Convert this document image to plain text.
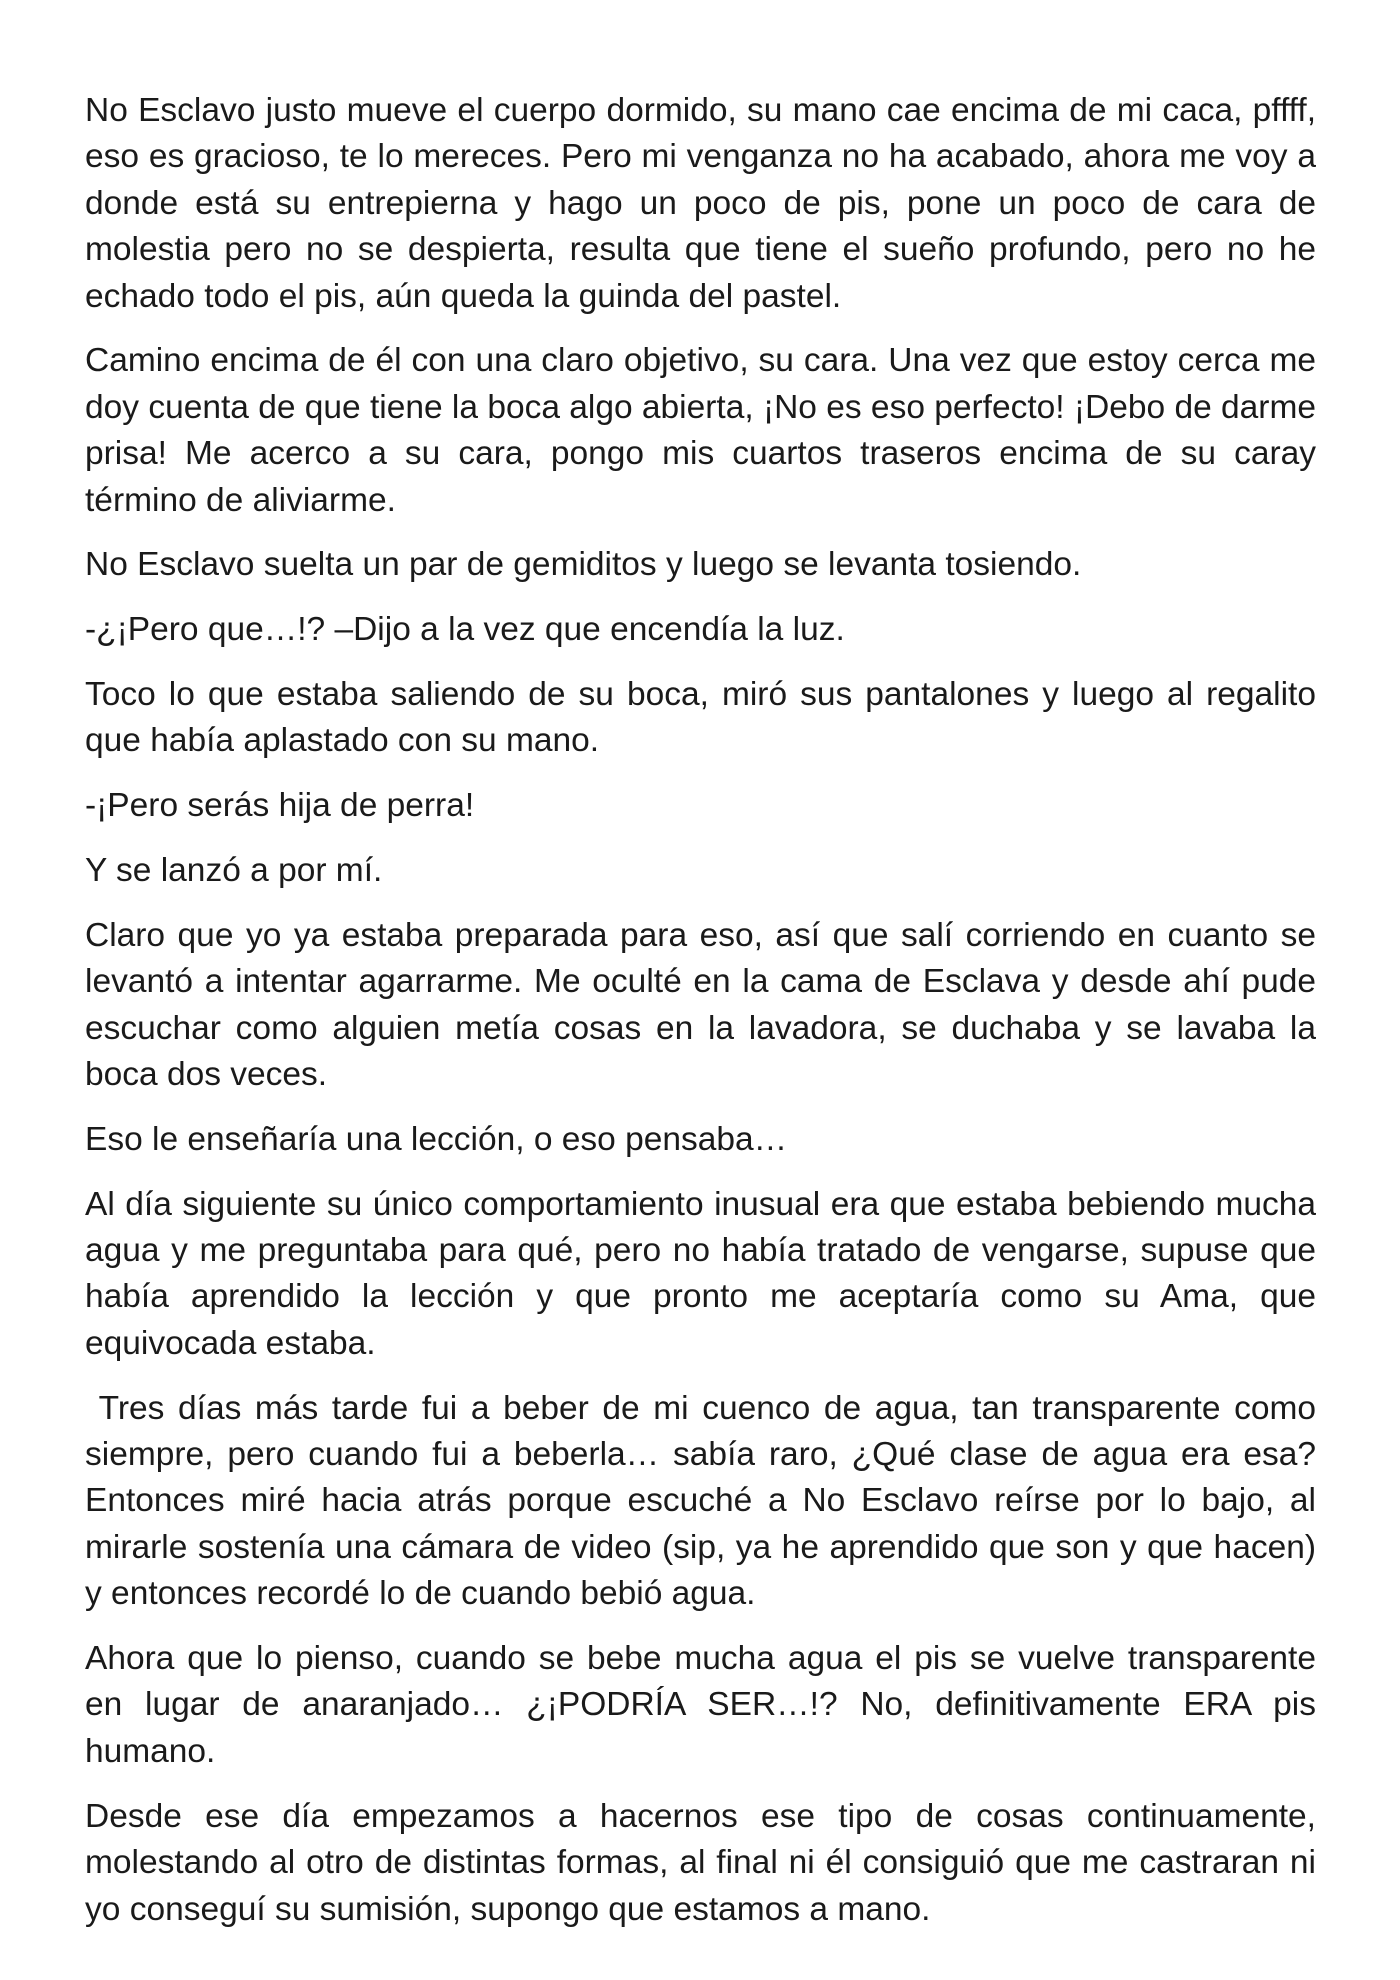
No Esclavo justo mueve el cuerpo dormido, su mano cae encima de mi caca, pffff, eso es gracioso, te lo mereces. Pero mi venganza no ha acabado, ahora me voy a donde está su entrepierna y hago un poco de pis, pone un poco de cara de molestia pero no se despierta, resulta que tiene el sueño profundo, pero no he echado todo el pis, aún queda la guinda del pastel.

Camino encima de él con una claro objetivo, su cara. Una vez que estoy cerca me doy cuenta de que tiene la boca algo abierta, ¡No es eso perfecto! ¡Debo de darme prisa! Me acerco a su cara, pongo mis cuartos traseros encima de su caray término de aliviarme.

No Esclavo suelta un par de gemiditos y luego se levanta tosiendo.

-¿¡Pero que…!? –Dijo a la vez que encendía la luz.

Toco lo que estaba saliendo de su boca, miró sus pantalones y luego al regalito que había aplastado con su mano.

-¡Pero serás hija de perra!

Y se lanzó a por mí.

Claro que yo ya estaba preparada para eso, así que salí corriendo en cuanto se levantó a intentar agarrarme. Me oculté en la cama de Esclava y desde ahí pude escuchar como alguien metía cosas en la lavadora, se duchaba y se lavaba la boca dos veces.

Eso le enseñaría una lección, o eso pensaba…

Al día siguiente su único comportamiento inusual era que estaba bebiendo mucha agua y me preguntaba para qué, pero no había tratado de vengarse, supuse que había aprendido la lección y que pronto me aceptaría como su Ama, que equivocada estaba.

Tres días más tarde fui a beber de mi cuenco de agua, tan transparente como siempre, pero cuando fui a beberla… sabía raro, ¿Qué clase de agua era esa? Entonces miré hacia atrás porque escuché a No Esclavo reírse por lo bajo, al mirarle sostenía una cámara de video (sip, ya he aprendido que son y que hacen) y entonces recordé lo de cuando bebió agua.

Ahora que lo pienso, cuando se bebe mucha agua el pis se vuelve transparente en lugar de anaranjado… ¿¡PODRÍA SER…!? No, definitivamente ERA pis humano.

Desde ese día empezamos a hacernos ese tipo de cosas continuamente, molestando al otro de distintas formas, al final ni él consiguió que me castraran ni yo conseguí su sumisión, supongo que estamos a mano.
